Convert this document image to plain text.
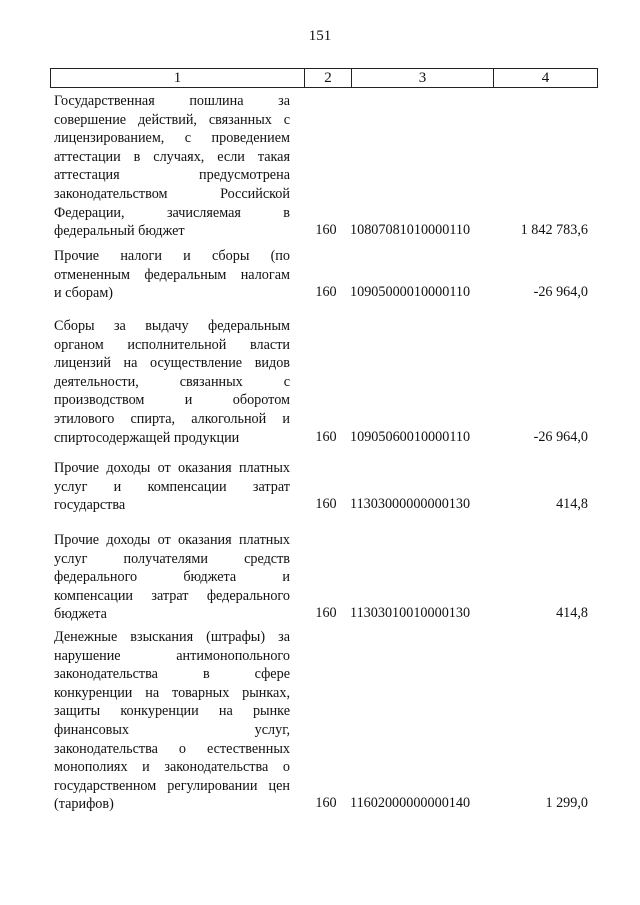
151
1	2	3	4
Государственная пошлина за
совершение действий, связанных с
лицензированием, с проведением
аттестации в случаях, если такая
аттестация предусмотрена
законодательством Российской
Федерации, зачисляемая в
федеральный бюджет	160 10807081010000110	1 842 783,6
Прочие налоги и сборы (по
отмененным федеральным налогам
и сборам)	160 10905000010000110	-26 964,0
Сборы за выдачу федеральным
органом исполнительной власти
лицензий на осуществление видов
деятельности, связанных с
производством и оборотом
этилового спирта, алкогольной и
спиртосодержащей продукции	160 10905060010000110	-26 964,0
Прочие доходы от оказания платных
услуг и компенсации затрат
государства	160 11303000000000130	414,8
Прочие доходы от оказания платных
услуг получателями средств
федерального бюджета и
компенсации затрат федерального
бюджета	160 11303010010000130	414,8
Денежные взыскания (штрафы) за
нарушение антимонопольного
законодательства в сфере
конкуренции на товарных рынках,
защиты конкуренции на рынке
финансовых услуг,
законодательства о естественных
монополиях и законодательства о
государственном регулировании цен
(тарифов)	160 11602000000000140	1 299,0
